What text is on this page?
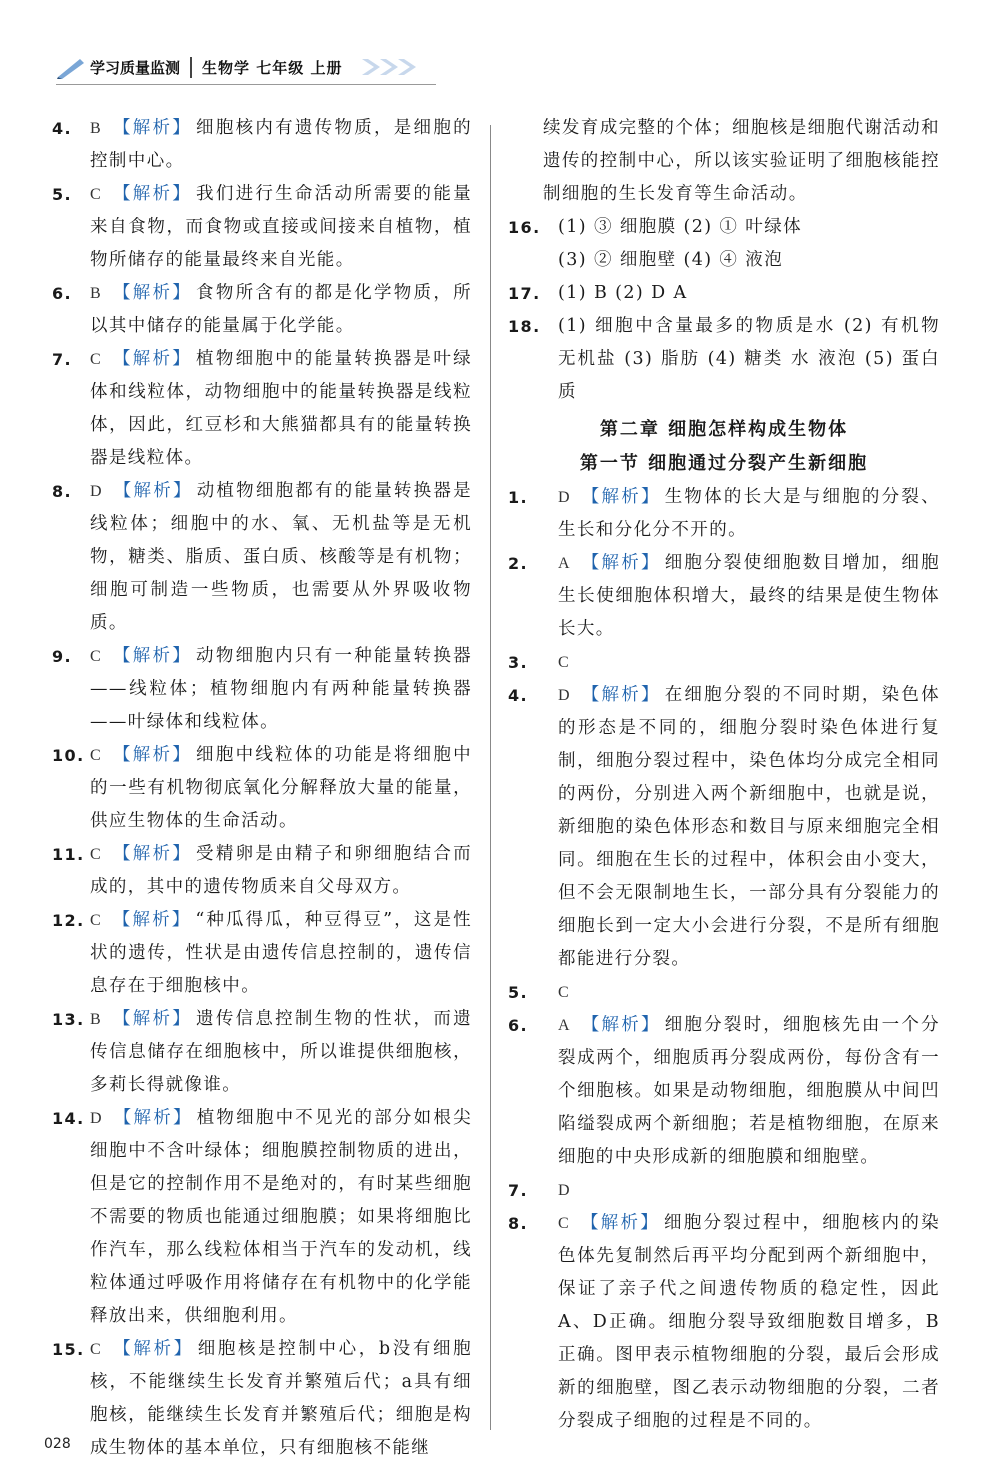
学习质量监测	生物学 七年级 上册
4. B 【解析】 细胞核内有遗传物质，是细胞的控制中心。
5. C 【解析】 我们进行生命活动所需要的能量来自食物，而食物或直接或间接来自植物，植物所储存的能量最终来自光能。
6. B 【解析】 食物所含有的都是化学物质，所以其中储存的能量属于化学能。
7. C 【解析】 植物细胞中的能量转换器是叶绿体和线粒体，动物细胞中的能量转换器是线粒体，因此，红豆杉和大熊猫都具有的能量转换器是线粒体。
8. D 【解析】 动植物细胞都有的能量转换器是线粒体；细胞中的水、氧、无机盐等是无机物，糖类、脂质、蛋白质、核酸等是有机物；细胞可制造一些物质，也需要从外界吸收物质。
9. C 【解析】 动物细胞内只有一种能量转换器——线粒体；植物细胞内有两种能量转换器——叶绿体和线粒体。
10. C 【解析】 细胞中线粒体的功能是将细胞中的一些有机物彻底氧化分解释放大量的能量，供应生物体的生命活动。
11. C 【解析】 受精卵是由精子和卵细胞结合而成的，其中的遗传物质来自父母双方。
12. C 【解析】 “种瓜得瓜，种豆得豆”，这是性状的遗传，性状是由遗传信息控制的，遗传信息存在于细胞核中。
13. B 【解析】 遗传信息控制生物的性状，而遗传信息储存在细胞核中，所以谁提供细胞核，多莉长得就像谁。
14. D 【解析】 植物细胞中不见光的部分如根尖细胞中不含叶绿体；细胞膜控制物质的进出，但是它的控制作用不是绝对的，有时某些细胞不需要的物质也能通过细胞膜；如果将细胞比作汽车，那么线粒体相当于汽车的发动机，线粒体通过呼吸作用将储存在有机物中的化学能释放出来，供细胞利用。
15. C 【解析】 细胞核是控制中心，b没有细胞核，不能继续生长发育并繁殖后代；a具有细胞核，能继续生长发育并繁殖后代；细胞是构成生物体的基本单位，只有细胞核不能继
续发育成完整的个体；细胞核是细胞代谢活动和遗传的控制中心，所以该实验证明了细胞核能控制细胞的生长发育等生命活动。
16. (1) ③ 细胞膜 (2) ① 叶绿体
(3) ② 细胞壁 (4) ④ 液泡
17. (1) B (2) D A
18. (1) 细胞中含量最多的物质是水 (2) 有机物 无机盐 (3) 脂肪 (4) 糖类 水 液泡 (5) 蛋白质
第二章 细胞怎样构成生物体
第一节 细胞通过分裂产生新细胞
1. D 【解析】 生物体的长大是与细胞的分裂、生长和分化分不开的。
2. A 【解析】 细胞分裂使细胞数目增加，细胞生长使细胞体积增大，最终的结果是使生物体长大。
3. C
4. D 【解析】 在细胞分裂的不同时期，染色体的形态是不同的，细胞分裂时染色体进行复制，细胞分裂过程中，染色体均分成完全相同的两份，分别进入两个新细胞中，也就是说，新细胞的染色体形态和数目与原来细胞完全相同。细胞在生长的过程中，体积会由小变大，但不会无限制地生长，一部分具有分裂能力的细胞长到一定大小会进行分裂，不是所有细胞都能进行分裂。
5. C
6. A 【解析】 细胞分裂时，细胞核先由一个分裂成两个，细胞质再分裂成两份，每份含有一个细胞核。如果是动物细胞，细胞膜从中间凹陷缢裂成两个新细胞；若是植物细胞，在原来细胞的中央形成新的细胞膜和细胞壁。
7. D
8. C 【解析】 细胞分裂过程中，细胞核内的染色体先复制然后再平均分配到两个新细胞中，保证了亲子代之间遗传物质的稳定性，因此A、D正确。细胞分裂导致细胞数目增多，B正确。图甲表示植物细胞的分裂，最后会形成新的细胞壁，图乙表示动物细胞的分裂，二者分裂成子细胞的过程是不同的。
028
